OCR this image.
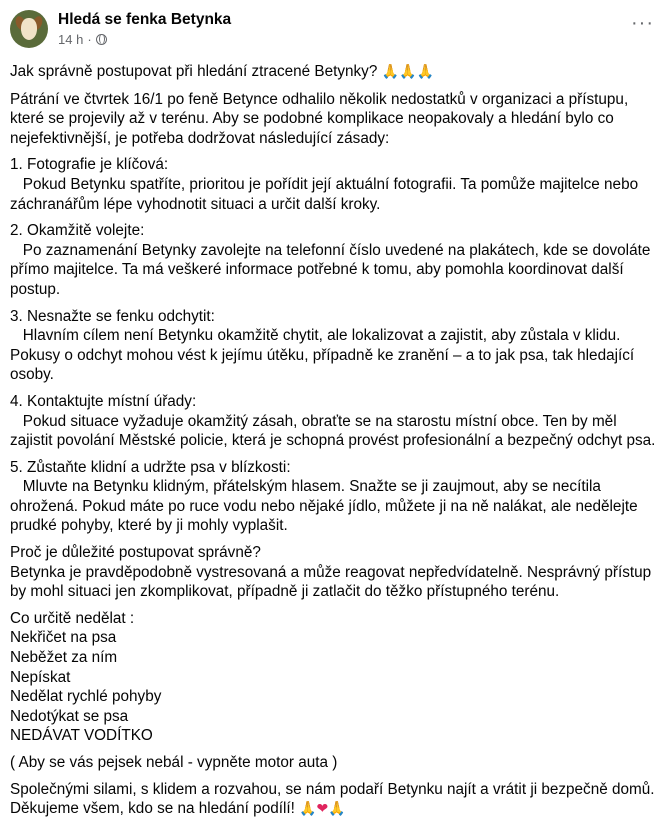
Hledá se fenka Betynka
14 h ·
···

Jak správně postupovat při hledání ztracené Betynky? 🙏🙏🙏

Pátrání ve čtvrtek 16/1 po feně Betynce odhalilo několik nedostatků v organizaci a přístupu, které se projevily až v terénu. Aby se podobné komplikace neopakovaly a hledání bylo co nejefektivnější, je potřeba dodržovat následující zásady:

1. Fotografie je klíčová:
Pokud Betynku spatříte, prioritou je pořídit její aktuální fotografii. Ta pomůže majitelce nebo záchranářům lépe vyhodnotit situaci a určit další kroky.

2. Okamžitě volejte:
Po zaznamenání Betynky zavolejte na telefonní číslo uvedené na plakátech, kde se dovoláte přímo majitelce. Ta má veškeré informace potřebné k tomu, aby pomohla koordinovat další postup.

3. Nesnažte se fenku odchytit:
Hlavním cílem není Betynku okamžitě chytit, ale lokalizovat a zajistit, aby zůstala v klidu. Pokusy o odchyt mohou vést k jejímu útěku, případně ke zranění – a to jak psa, tak hledající osoby.

4. Kontaktujte místní úřady:
Pokud situace vyžaduje okamžitý zásah, obraťte se na starostu místní obce. Ten by měl zajistit povolání Městské policie, která je schopná provést profesionální a bezpečný odchyt psa.

5. Zůstaňte klidní a udržte psa v blízkosti:
Mluvte na Betynku klidným, přátelským hlasem. Snažte se ji zaujmout, aby se necítila ohrožená. Pokud máte po ruce vodu nebo nějaké jídlo, můžete ji na ně nalákat, ale nedělejte prudké pohyby, které by ji mohly vyplašit.

Proč je důležité postupovat správně?
Betynka je pravděpodobně vystresovaná a může reagovat nepředvídatelně. Nesprávný přístup by mohl situaci jen zkomplikovat, případně ji zatlačit do těžko přístupného terénu.

Co určitě nedělat :
Nekřičet na psa
Neběžet za ním
Nepískat
Nedělat rychlé pohyby
Nedotýkat se psa
NEDÁVAT VODÍTKO

( Aby se vás pejsek nebál - vypněte motor auta )

Společnými silami, s klidem a rozvahou, se nám podaří Betynku najít a vrátit ji bezpečně domů.
Děkujeme všem, kdo se na hledání podílí! 🙏❤🙏
